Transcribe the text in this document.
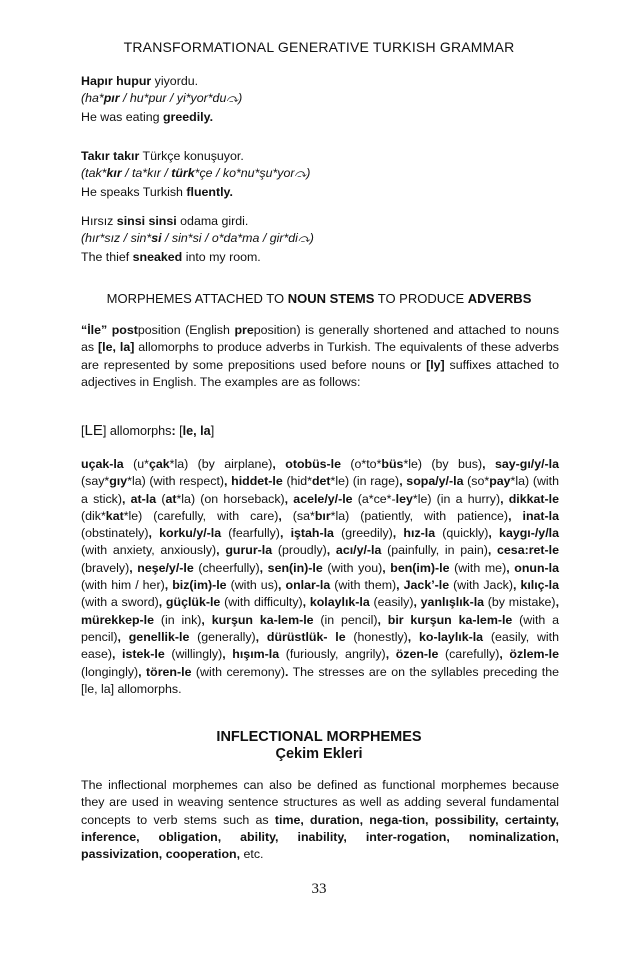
TRANSFORMATIONAL GENERATIVE TURKISH GRAMMAR

Hapır hupur yiyordu.

(ha*pır / hu*pur / yi*yor*du⤼)

He was eating greedily.

Takır takır Türkçe konuşuyor.

(tak*kır / ta*kır / türk*çe / ko*nu*şu*yor⤼)

He speaks Turkish fluently.

Hırsız sinsi sinsi odama girdi.

(hır*sız / sin*si / sin*si / o*da*ma / gir*di⤼)

The thief sneaked into my room.

MORPHEMES ATTACHED TO NOUN STEMS TO PRODUCE ADVERBS

“İle” postposition (English preposition) is generally shortened and attached to nouns as [le, la] allomorphs to produce adverbs in Turkish. The equivalents of these adverbs are represented by some prepositions used before nouns or [ly] suffixes attached to adjectives in English. The examples are as follows:

[LE] allomorphs: [le, la]

uçak-la (u*çak*la) (by airplane), otobüs-le (o*to*büs*le) (by bus), say-gı/y/-la (say*gıy*la) (with respect), hiddet-le (hid*det*le) (in rage), sopa/y/-la (so*pay*la) (with a stick), at-la (at*la) (on horseback), acele/y/-le (a*ce*-ley*le) (in a hurry), dikkat-le (dik*kat*le) (carefully, with care), (sa*bır*la) (patiently, with patience), inat-la (obstinately), korku/y/-la (fearfully), iştah-la (greedily), hız-la (quickly), kaygı-/y/la (with anxiety, anxiously), gurur-la (proudly), acı/y/-la (painfully, in pain), cesa:ret-le (bravely), neşe/y/-le (cheerfully), sen(in)-le (with you), ben(im)-le (with me), onun-la (with him / her), biz(im)-le (with us), onlar-la (with them), Jack’-le (with Jack), kılıç-la (with a sword), güçlük-le (with difficulty), kolaylık-la (easily), yanlışlık-la (by mistake), mürekkep-le (in ink), kurşun ka-lem-le (in pencil), bir kurşun ka-lem-le (with a pencil), genellik-le (generally), dürüstlük- le (honestly), ko-laylık-la (easily, with ease), istek-le (willingly), hışım-la (furiously, angrily), özen-le (carefully), özlem-le (longingly), tören-le (with ceremony). The stresses are on the syllables preceding the [le, la] allomorphs.

INFLECTIONAL MORPHEMES
Çekim Ekleri

The inflectional morphemes can also be defined as functional morphemes because they are used in weaving sentence structures as well as adding several fundamental concepts to verb stems such as time, duration, nega-tion, possibility, certainty, inference, obligation, ability, inability, inter-rogation, nominalization, passivization, cooperation, etc.

33
